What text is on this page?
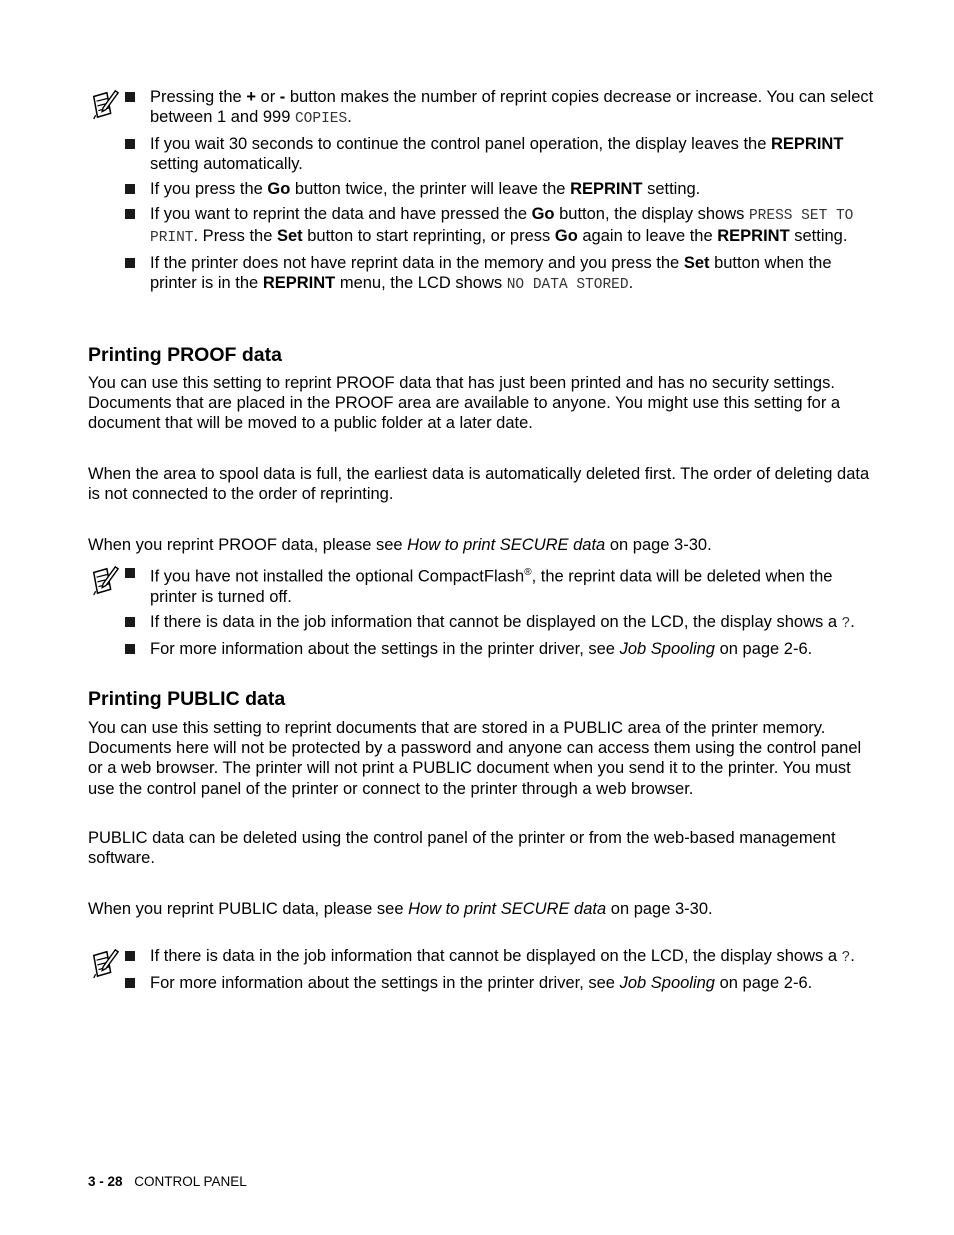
Pressing the + or - button makes the number of reprint copies decrease or increase. You can select between 1 and 999 COPIES.
If you wait 30 seconds to continue the control panel operation, the display leaves the REPRINT setting automatically.
If you press the Go button twice, the printer will leave the REPRINT setting.
If you want to reprint the data and have pressed the Go button, the display shows PRESS SET TO PRINT. Press the Set button to start reprinting, or press Go again to leave the REPRINT setting.
If the printer does not have reprint data in the memory and you press the Set button when the printer is in the REPRINT menu, the LCD shows NO DATA STORED.
Printing PROOF data

You can use this setting to reprint PROOF data that has just been printed and has no security settings. Documents that are placed in the PROOF area are available to anyone. You might use this setting for a document that will be moved to a public folder at a later date.

When the area to spool data is full, the earliest data is automatically deleted first. The order of deleting data is not connected to the order of reprinting.

When you reprint PROOF data, please see How to print SECURE data on page 3-30.

If you have not installed the optional CompactFlash®, the reprint data will be deleted when the printer is turned off.
If there is data in the job information that cannot be displayed on the LCD, the display shows a ?.
For more information about the settings in the printer driver, see Job Spooling on page 2-6.
Printing PUBLIC data

You can use this setting to reprint documents that are stored in a PUBLIC area of the printer memory. Documents here will not be protected by a password and anyone can access them using the control panel or a web browser. The printer will not print a PUBLIC document when you send it to the printer. You must use the control panel of the printer or connect to the printer through a web browser.

PUBLIC data can be deleted using the control panel of the printer or from the web-based management software.

When you reprint PUBLIC data, please see How to print SECURE data on page 3-30.

If there is data in the job information that cannot be displayed on the LCD, the display shows a ?.
For more information about the settings in the printer driver, see Job Spooling on page 2-6.
3 - 28 CONTROL PANEL
